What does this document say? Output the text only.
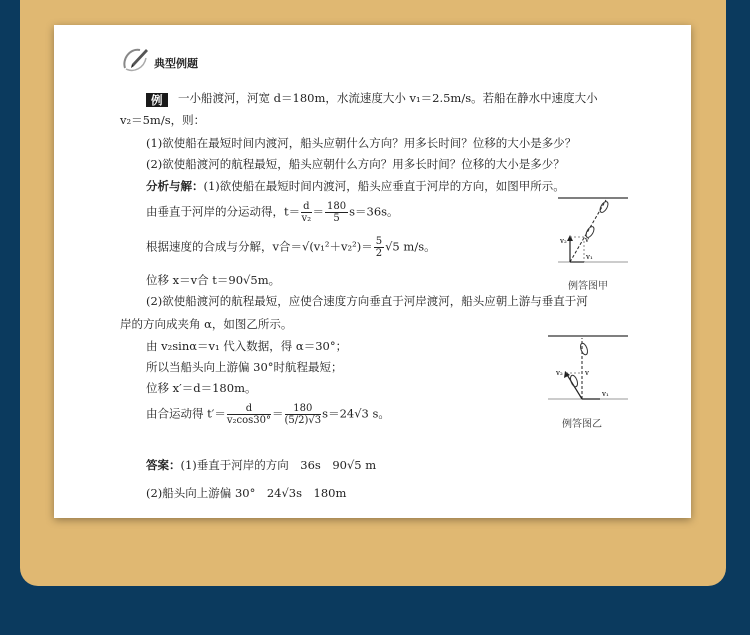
典型例题
例	一小船渡河，河宽 d＝180m，水流速度大小 v₁＝2.5m/s。若船在静水中速度大小
v₂＝5m/s，则：
(1)欲使船在最短时间内渡河，船头应朝什么方向？用多长时间？位移的大小是多少？
(2)欲使船渡河的航程最短，船头应朝什么方向？用多长时间？位移的大小是多少？
分析与解：(1)欲使船在最短时间内渡河，船头应垂直于河岸的方向，如图甲所示。
由垂直于河岸的分运动得，$t= \frac{d}{\text{v₂}} = \frac{180}{5} s=36s$。
根据速度的合成与分解，v合$=√(v_1^2+v_2^2)= \frac{5}{2} √5$ m/s。
位移 x＝v合 t＝90√5m。
v₂	v
v₁
例答图甲
(2)欲使船渡河的航程最短，应使合速度方向垂直于河岸渡河，船头应朝上游与垂直于河
岸的方向成夹角 α，如图乙所示。
由 v₂sinα＝v₁ 代入数据，得 α＝30°；
所以当船头向上游偏 30°时航程最短；
位移 x′＝d＝180m。
由合运动得 $t'= \frac{d}{\text{v₂cos30°}} = \frac{180}{(5/2)√3} s=24√3$ s。
v₂	v
v₁
例答图乙
答案：(1)垂直于河岸的方向　36s　90√5 m
(2)船头向上游偏 30°　24√3s　180m
